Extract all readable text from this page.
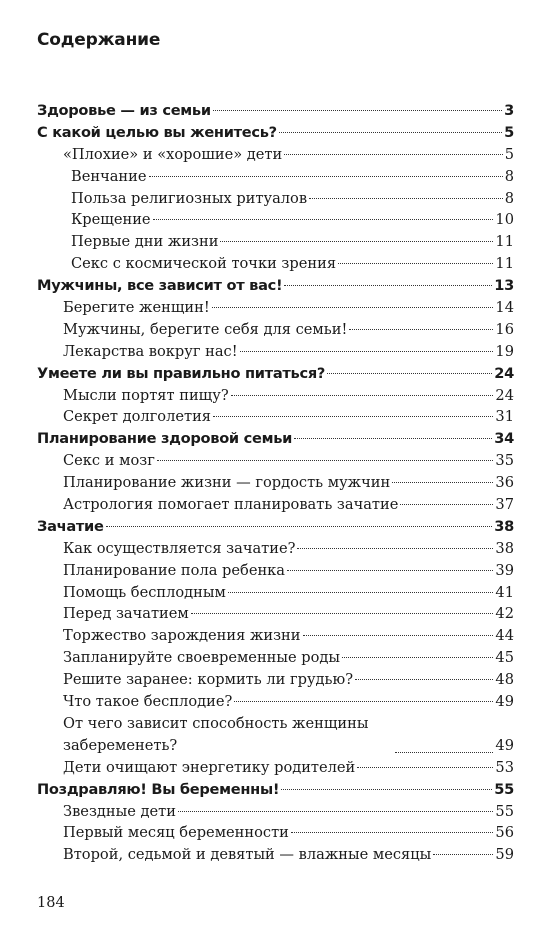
Содержание
Здоровье — из семьи	3
С какой целью вы женитесь?	5
«Плохие» и «хорошие» дети	5
Венчание	8
Польза религиозных ритуалов	8
Крещение	10
Первые дни жизни	11
Секс с космической точки зрения	11
Мужчины, все зависит от вас!	13
Берегите женщин!	14
Мужчины, берегите себя для семьи!	16
Лекарства вокруг нас!	19
Умеете ли вы правильно питаться?	24
Мысли портят пищу?	24
Секрет долголетия	31
Планирование здоровой семьи	34
Секс и мозг	35
Планирование жизни — гордость мужчин	36
Астрология помогает планировать зачатие	37
Зачатие	38
Как осуществляется зачатие?	38
Планирование пола ребенка	39
Помощь бесплодным	41
Перед зачатием	42
Торжество зарождения жизни	44
Запланируйте своевременные роды	45
Решите заранее: кормить ли грудью?	48
Что такое бесплодие?	49
От чего зависит способность женщины забеременеть?	49
Дети очищают энергетику родителей	53
Поздравляю! Вы беременны!	55
Звездные дети	55
Первый месяц беременности	56
Второй, седьмой и девятый — влажные месяцы	59
184
